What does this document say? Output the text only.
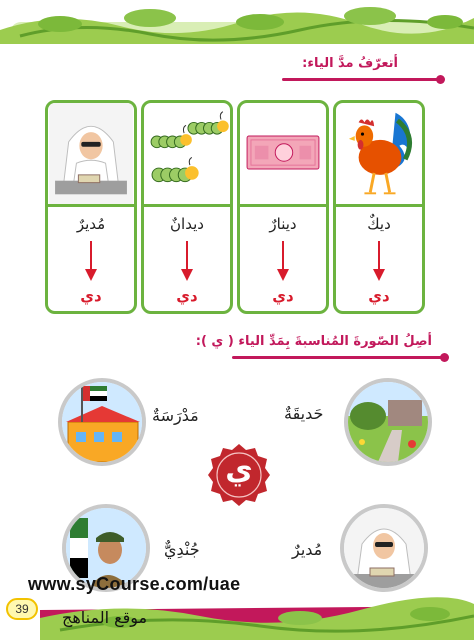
أتعرّفُ مدَّ الياء:
ديكٌ
دي
دينارٌ
دي
ديدانٌ
دي
مُديرٌ
دي
أصِلُ الصّورةَ المُناسبةَ بِمَدِّ الياء ( ي ):
حَديقَةٌ
مَدْرَسَةٌ
مُديرٌ
جُنْدِيٌّ
ي
39
www.syCourse.com/uae
موقع المناهج
